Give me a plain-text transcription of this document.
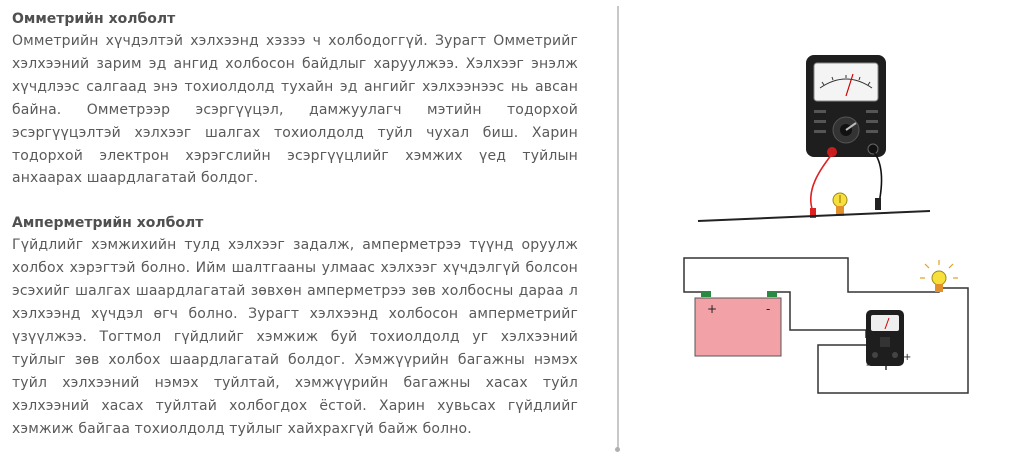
Омметрийн холболт

Омметрийн хүчдэлтэй хэлхээнд хэзээ ч холбодоггүй. Зурагт Омметрийг хэлхээний зарим эд ангид холбосон байдлыг харуулжээ. Хэлхээг энэлж хүчдлээс салгаад энэ тохиолдолд тухайн эд ангийг хэлхээнээс нь авсан байна. Омметрээр эсэргүүцэл, дамжуулагч мэтийн тодорхой эсэргүүцэлтэй хэлхээг шалгах тохиолдолд туйл чухал биш. Харин тодорхой электрон хэрэгслийн эсэргүүцлийг хэмжих үед туйлын анхаарах шаардлагатай болдог.

Амперметрийн холболт

Гүйдлийг хэмжихийн тулд хэлхээг задалж, амперметрээ түүнд оруулж холбох хэрэгтэй болно. Ийм шалтгааны улмаас хэлхээг хүчдэлгүй болсон эсэхийг шалгах шаардлагатай зөвхөн амперметрээ зөв холбосны дараа л хэлхээнд хүчдэл өгч болно. Зурагт хэлхээнд холбосон амперметрийг үзүүлжээ. Тогтмол гүйдлийг хэмжиж буй тохиолдолд уг хэлхээний туйлыг зөв холбох шаардлагатай болдог. Хэмжүүрийн багажны нэмэх туйл хэлхээний нэмэх туйлтай, хэмжүүрийн багажны хасах туйл хэлхээний хасах туйлтай холбогдох ёстой. Харин хувьсах гүйдлийг хэмжиж байгаа тохиолдолд туйлыг хайхрахгүй байж болно.

+	-
-
+
